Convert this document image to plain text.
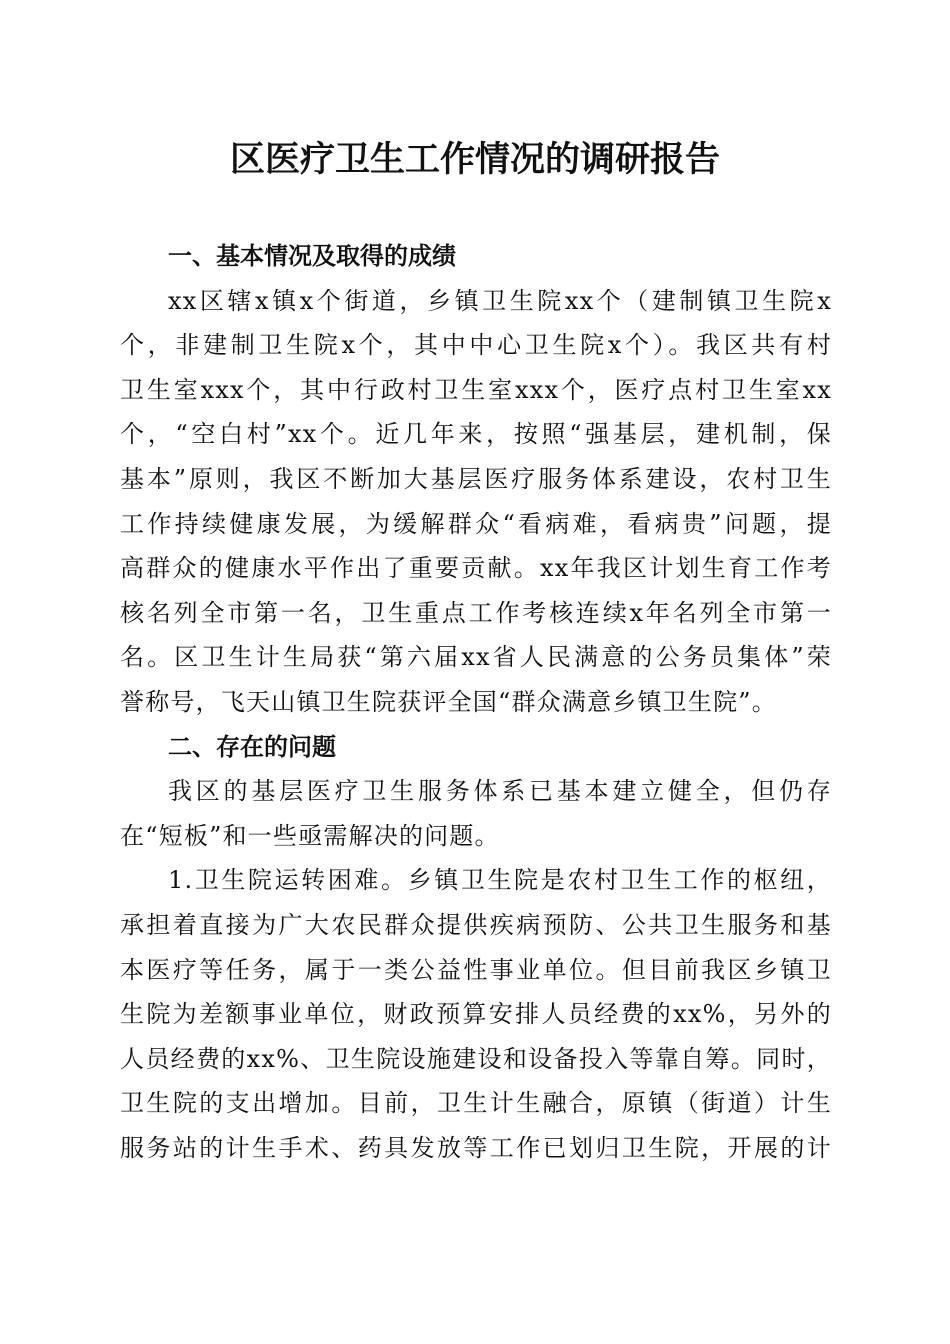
区医疗卫生工作情况的调研报告

一、基本情况及取得的成绩

xx区辖x镇x个街道，乡镇卫生院xx个（建制镇卫生院x
个，非建制卫生院x个，其中中心卫生院x个）。我区共有村
卫生室xxx个，其中行政村卫生室xxx个，医疗点村卫生室xx
个，“空白村”xx个。近几年来，按照“强基层，建机制，保
基本”原则，我区不断加大基层医疗服务体系建设，农村卫生
工作持续健康发展，为缓解群众“看病难，看病贵”问题，提
高群众的健康水平作出了重要贡献。xx年我区计划生育工作考
核名列全市第一名，卫生重点工作考核连续x年名列全市第一
名。区卫生计生局获“第六届xx省人民满意的公务员集体”荣
誉称号，飞天山镇卫生院获评全国“群众满意乡镇卫生院”。

二、存在的问题

我区的基层医疗卫生服务体系已基本建立健全，但仍存
在“短板”和一些亟需解决的问题。

1.卫生院运转困难。乡镇卫生院是农村卫生工作的枢纽，
承担着直接为广大农民群众提供疾病预防、公共卫生服务和基
本医疗等任务，属于一类公益性事业单位。但目前我区乡镇卫
生院为差额事业单位，财政预算安排人员经费的xx%，另外的
人员经费的xx%、卫生院设施建设和设备投入等靠自筹。同时，
卫生院的支出增加。目前，卫生计生融合，原镇（街道）计生
服务站的计生手术、药具发放等工作已划归卫生院，开展的计
